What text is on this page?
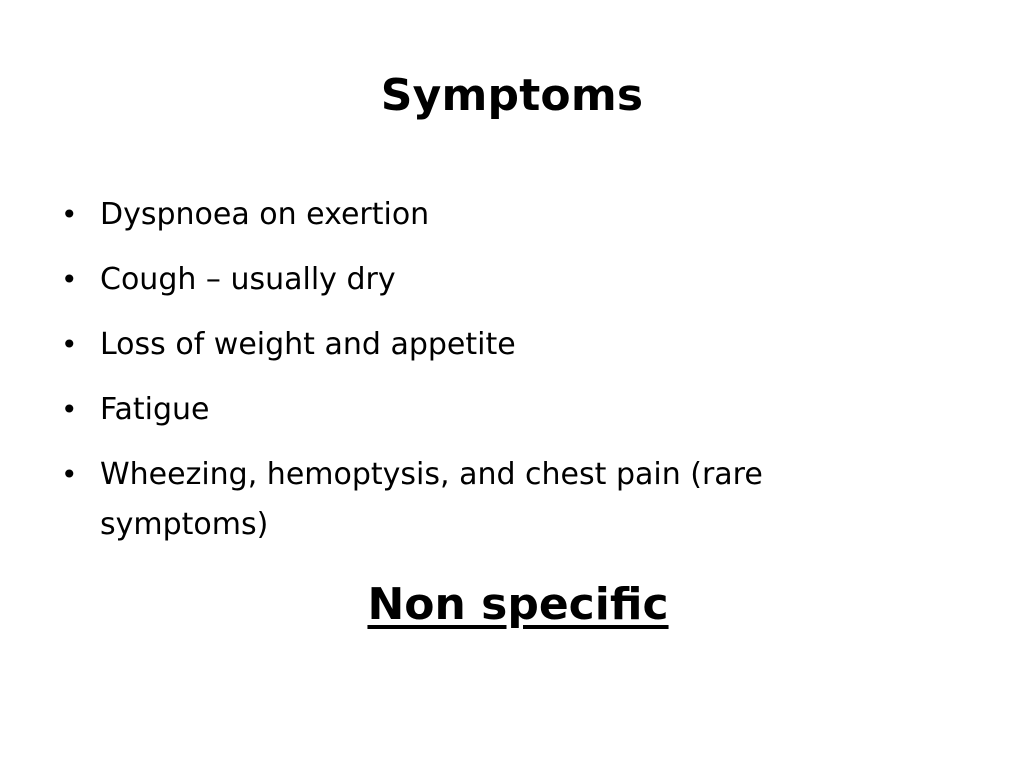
Symptoms
• Dyspnoea on exertion
• Cough – usually dry
• Loss of weight and appetite
• Fatigue
• Wheezing, hemoptysis, and chest pain (rare symptoms)

Non specific
